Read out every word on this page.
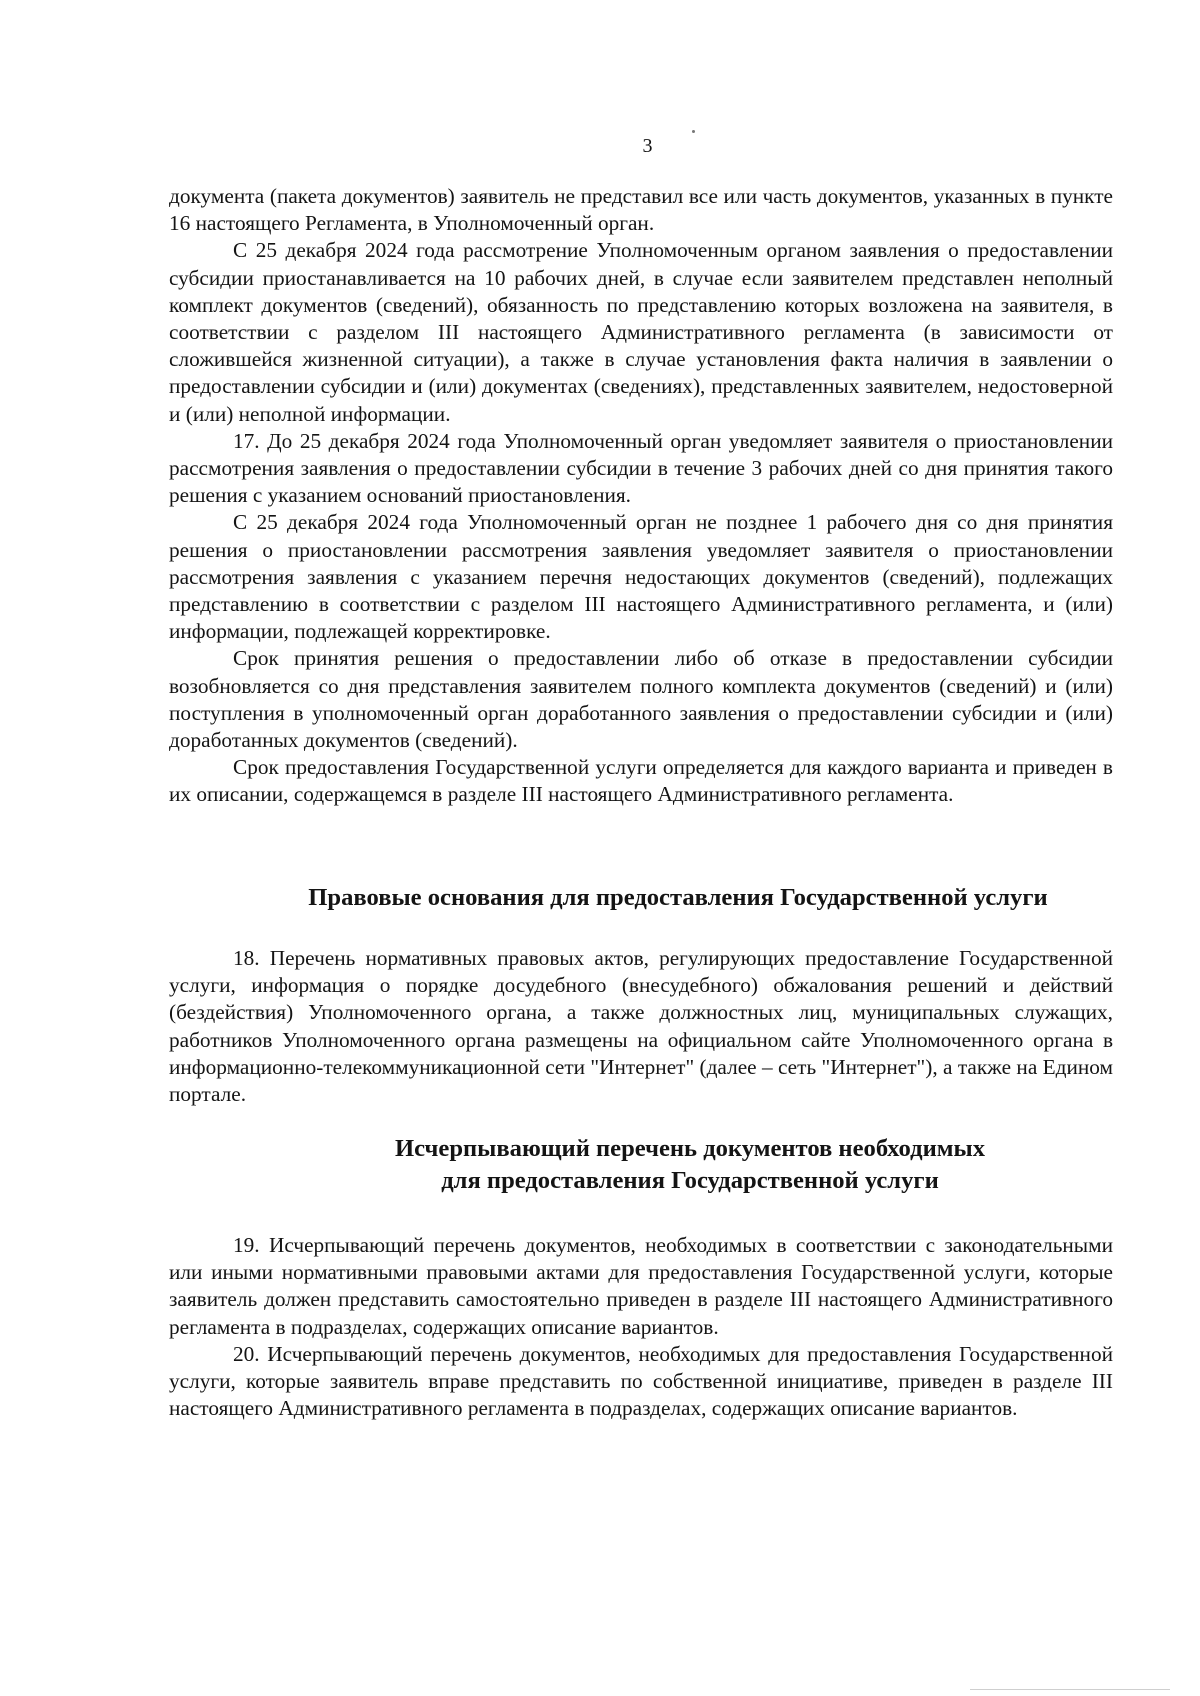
3

документа (пакета документов) заявитель не представил все или часть документов, указанных в пункте 16 настоящего Регламента, в Уполномоченный орган.

С 25 декабря 2024 года рассмотрение Уполномоченным органом заявления о предоставлении субсидии приостанавливается на 10 рабочих дней, в случае если заявителем представлен неполный комплект документов (сведений), обязанность по представлению которых возложена на заявителя, в соответствии с разделом III настоящего Административного регламента (в зависимости от сложившейся жизненной ситуации), а также в случае установления факта наличия в заявлении о предоставлении субсидии и (или) документах (сведениях), представленных заявителем, недостоверной и (или) неполной информации.

17. До 25 декабря 2024 года Уполномоченный орган уведомляет заявителя о приостановлении рассмотрения заявления о предоставлении субсидии в течение 3 рабочих дней со дня принятия такого решения с указанием оснований приостановления.

С 25 декабря 2024 года Уполномоченный орган не позднее 1 рабочего дня со дня принятия решения о приостановлении рассмотрения заявления уведомляет заявителя о приостановлении рассмотрения заявления с указанием перечня недостающих документов (сведений), подлежащих представлению в соответствии с разделом III настоящего Административного регламента, и (или) информации, подлежащей корректировке.

Срок принятия решения о предоставлении либо об отказе в предоставлении субсидии возобновляется со дня представления заявителем полного комплекта документов (сведений) и (или) поступления в уполномоченный орган доработанного заявления о предоставлении субсидии и (или) доработанных документов (сведений).

Срок предоставления Государственной услуги определяется для каждого варианта и приведен в их описании, содержащемся в разделе III настоящего Административного регламента.

Правовые основания для предоставления Государственной услуги

18. Перечень нормативных правовых актов, регулирующих предоставление Государственной услуги, информация о порядке досудебного (внесудебного) обжалования решений и действий (бездействия) Уполномоченного органа, а также должностных лиц, муниципальных служащих, работников Уполномоченного органа размещены на официальном сайте Уполномоченного органа в информационно-телекоммуникационной сети "Интернет" (далее – сеть "Интернет"), а также на Едином портале.

Исчерпывающий перечень документов необходимых
для предоставления Государственной услуги

19. Исчерпывающий перечень документов, необходимых в соответствии с законодательными или иными нормативными правовыми актами для предоставления Государственной услуги, которые заявитель должен представить самостоятельно приведен в разделе III настоящего Административного регламента в подразделах, содержащих описание вариантов.

20. Исчерпывающий перечень документов, необходимых для предоставления Государственной услуги, которые заявитель вправе представить по собственной инициативе, приведен в разделе III настоящего Административного регламента в подразделах, содержащих описание вариантов.
